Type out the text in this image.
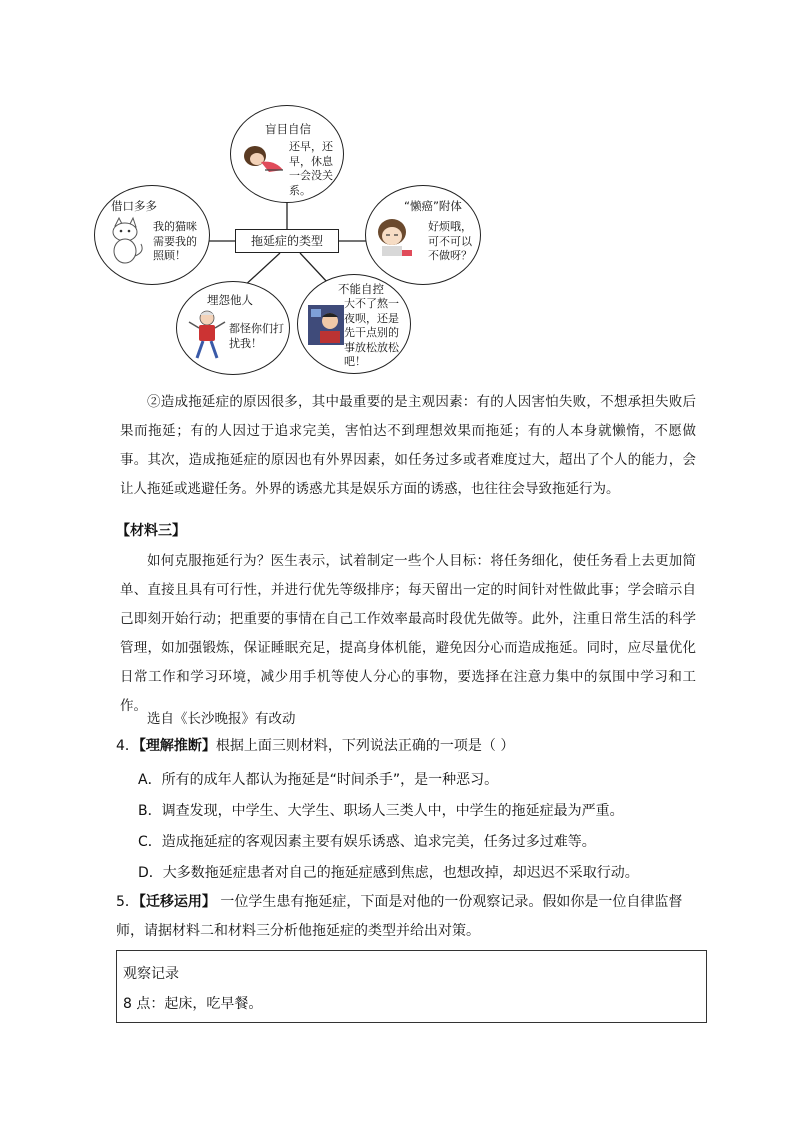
盲目自信
还早，还
早，休息
一会没关
系。
借口多多
我的猫咪
需要我的
照顾！
“懒癌”附体
好烦哦，
可不可以
不做呀？
埋怨他人
都怪你们打
扰我！
不能自控
大不了熬一
夜呗，还是
先干点别的
事放松放松
吧！
拖延症的类型

②造成拖延症的原因很多，其中最重要的是主观因素：有的人因害怕失败，不想承担失败后果而拖延；有的人因过于追求完美，害怕达不到理想效果而拖延；有的人本身就懒惰，不愿做事。其次，造成拖延症的原因也有外界因素，如任务过多或者难度过大，超出了个人的能力，会让人拖延或逃避任务。外界的诱惑尤其是娱乐方面的诱惑，也往往会导致拖延行为。

【材料三】

如何克服拖延行为？医生表示，试着制定一些个人目标：将任务细化，使任务看上去更加简单、直接且具有可行性，并进行优先等级排序；每天留出一定的时间针对性做此事；学会暗示自己即刻开始行动；把重要的事情在自己工作效率最高时段优先做等。此外，注重日常生活的科学管理，如加强锻炼，保证睡眠充足，提高身体机能，避免因分心而造成拖延。同时，应尽量优化日常工作和学习环境，减少用手机等使人分心的事物，要选择在注意力集中的氛围中学习和工作。

选自《长沙晚报》有改动

4．【理解推断】根据上面三则材料，下列说法正确的一项是（ ）

A．所有的成年人都认为拖延是“时间杀手”，是一种恶习。

B．调查发现，中学生、大学生、职场人三类人中，中学生的拖延症最为严重。

C．造成拖延症的客观因素主要有娱乐诱惑、追求完美，任务过多过难等。

D．大多数拖延症患者对自己的拖延症感到焦虑，也想改掉，却迟迟不采取行动。

5．【迁移运用】 一位学生患有拖延症，下面是对他的一份观察记录。假如你是一位自律监督师，请据材料二和材料三分析他拖延症的类型并给出对策。

观察记录
8 点：起床，吃早餐。
